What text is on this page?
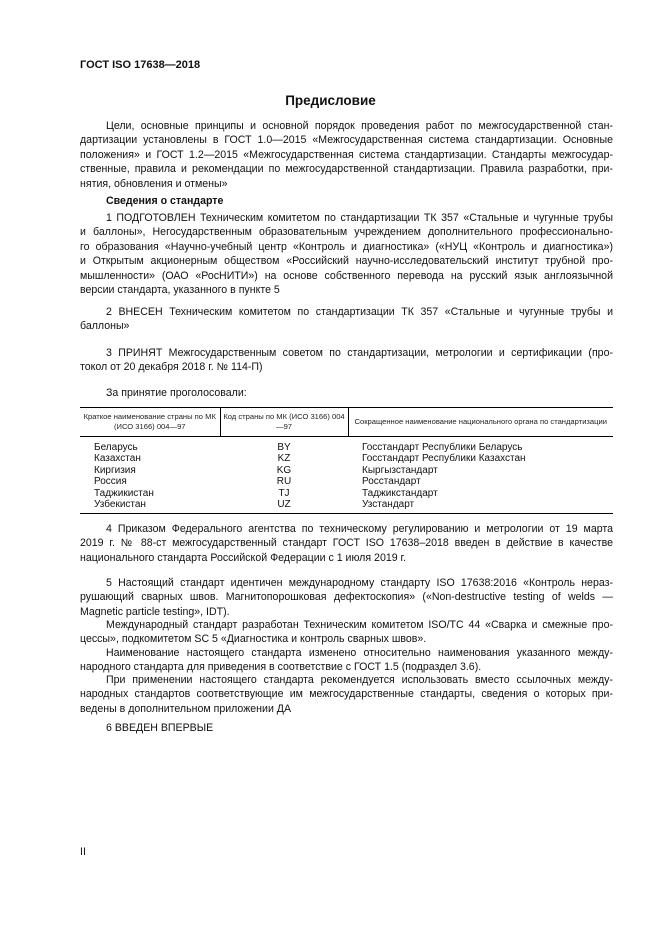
ГОСТ ISO 17638—2018
Предисловие
Цели, основные принципы и основной порядок проведения работ по межгосударственной стан-
дартизации установлены в ГОСТ 1.0—2015 «Межгосударственная система стандартизации. Основные
положения» и ГОСТ 1.2—2015 «Межгосударственная система стандартизации. Стандарты межгосудар-
ственные, правила и рекомендации по межгосударственной стандартизации. Правила разработки, при-
нятия, обновления и отмены»
Сведения о стандарте
1 ПОДГОТОВЛЕН Техническим комитетом по стандартизации ТК 357 «Стальные и чугунные трубы
и баллоны», Негосударственным образовательным учреждением дополнительного профессионально-
го образования «Научно-учебный центр «Контроль и диагностика» («НУЦ «Контроль и диагностика»)
и Открытым акционерным обществом «Российский научно-исследовательский институт трубной про-
мышленности» (ОАО «РосНИТИ») на основе собственного перевода на русский язык англоязычной
версии стандарта, указанного в пункте 5
2 ВНЕСЕН Техническим комитетом по стандартизации ТК 357 «Стальные и чугунные трубы и
баллоны»
3 ПРИНЯТ Межгосударственным советом по стандартизации, метрологии и сертификации (про-
токол от 20 декабря 2018 г. № 114-П)
За принятие проголосовали:
Краткое наименование страны по МК (ИСО 3166) 004—97	Код страны по МК (ИСО 3166) 004—97	Сокращенное наименование национального органа по стандартизации
Беларусь	BY	Госстандарт Республики Беларусь
Казахстан	KZ	Госстандарт Республики Казахстан
Киргизия	KG	Кыргызстандарт
Россия	RU	Росстандарт
Таджикистан	TJ	Таджикстандарт
Узбекистан	UZ	Узстандарт
4 Приказом Федерального агентства по техническому регулированию и метрологии от 19 марта
2019 г. № 88-ст межгосударственный стандарт ГОСТ ISO 17638–2018 введен в действие в качестве
национального стандарта Российской Федерации с 1 июля 2019 г.
5 Настоящий стандарт идентичен международному стандарту ISO 17638:2016 «Контроль нераз-
рушающий сварных швов. Магнитопорошковая дефектоскопия» («Non-destructive testing of welds —
Magnetic particle testing», IDT).
Международный стандарт разработан Техническим комитетом ISO/TC 44 «Сварка и смежные про-
цессы», подкомитетом SC 5 «Диагностика и контроль сварных швов».
Наименование настоящего стандарта изменено относительно наименования указанного между-
народного стандарта для приведения в соответствие с ГОСТ 1.5 (подраздел 3.6).
При применении настоящего стандарта рекомендуется использовать вместо ссылочных между-
народных стандартов соответствующие им межгосударственные стандарты, сведения о которых при-
ведены в дополнительном приложении ДА
6 ВВЕДЕН ВПЕРВЫЕ
II
